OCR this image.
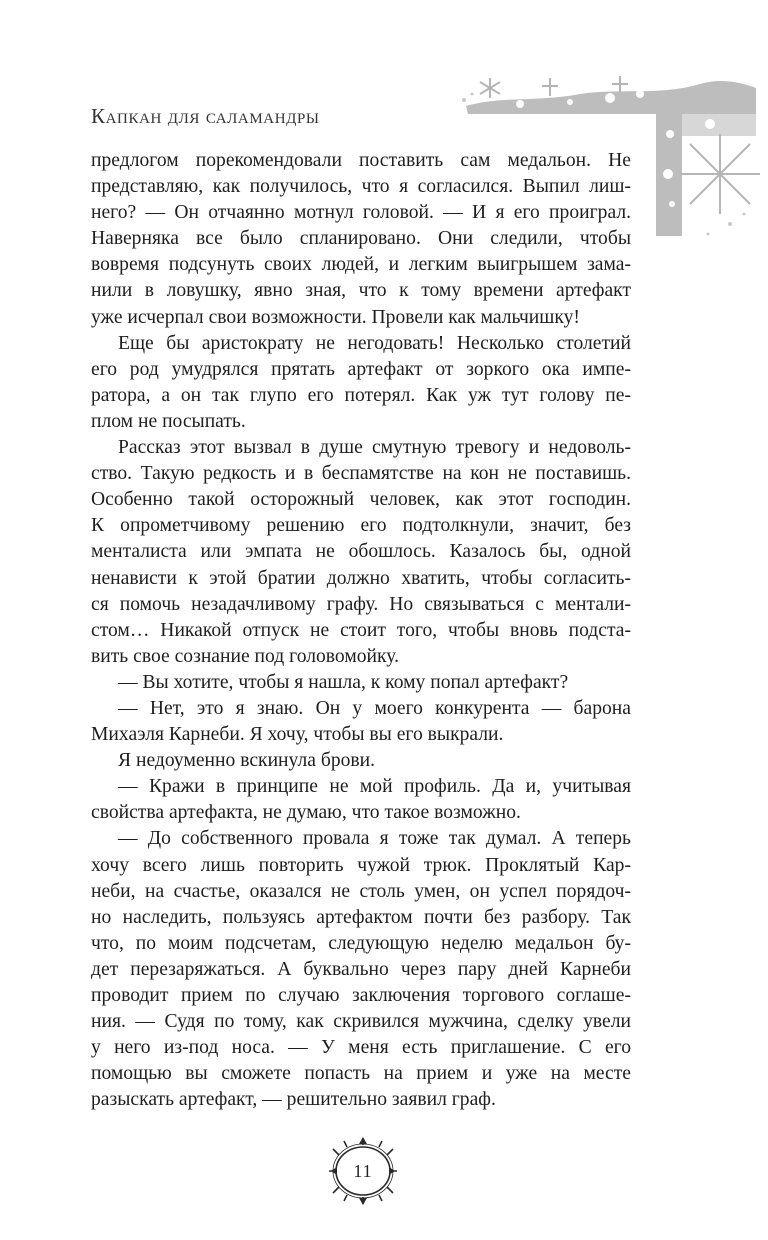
Капкан для саламандры

предлогом порекомендовали поставить сам медальон. Не

представляю, как получилось, что я согласился. Выпил лиш-

него? — Он отчаянно мотнул головой. — И я его проиграл.

Наверняка все было спланировано. Они следили, чтобы

вовремя подсунуть своих людей, и легким выигрышем зама-

нили в ловушку, явно зная, что к тому времени артефакт

уже исчерпал свои возможности. Провели как мальчишку!

Еще бы аристократу не негодовать! Несколько столетий

его род умудрялся прятать артефакт от зоркого ока импе-

ратора, а он так глупо его потерял. Как уж тут голову пе-

плом не посыпать.

Рассказ этот вызвал в душе смутную тревогу и недоволь-

ство. Такую редкость и в беспамятстве на кон не поставишь.

Особенно такой осторожный человек, как этот господин.

К опрометчивому решению его подтолкнули, значит, без

менталиста или эмпата не обошлось. Казалось бы, одной

ненависти к этой братии должно хватить, чтобы согласить-

ся помочь незадачливому графу. Но связываться с ментали-

стом… Никакой отпуск не стоит того, чтобы вновь подста-

вить свое сознание под головомойку.

— Вы хотите, чтобы я нашла, к кому попал артефакт?

— Нет, это я знаю. Он у моего конкурента — барона

Михаэля Карнеби. Я хочу, чтобы вы его выкрали.

Я недоуменно вскинула брови.

— Кражи в принципе не мой профиль. Да и, учитывая

свойства артефакта, не думаю, что такое возможно.

— До собственного провала я тоже так думал. А теперь

хочу всего лишь повторить чужой трюк. Проклятый Кар-

неби, на счастье, оказался не столь умен, он успел порядоч-

но наследить, пользуясь артефактом почти без разбору. Так

что, по моим подсчетам, следующую неделю медальон бу-

дет перезаряжаться. А буквально через пару дней Карнеби

проводит прием по случаю заключения торгового соглаше-

ния. — Судя по тому, как скривился мужчина, сделку увели

у него из-под носа. — У меня есть приглашение. С его

помощью вы сможете попасть на прием и уже на месте

разыскать артефакт, — решительно заявил граф.

11
